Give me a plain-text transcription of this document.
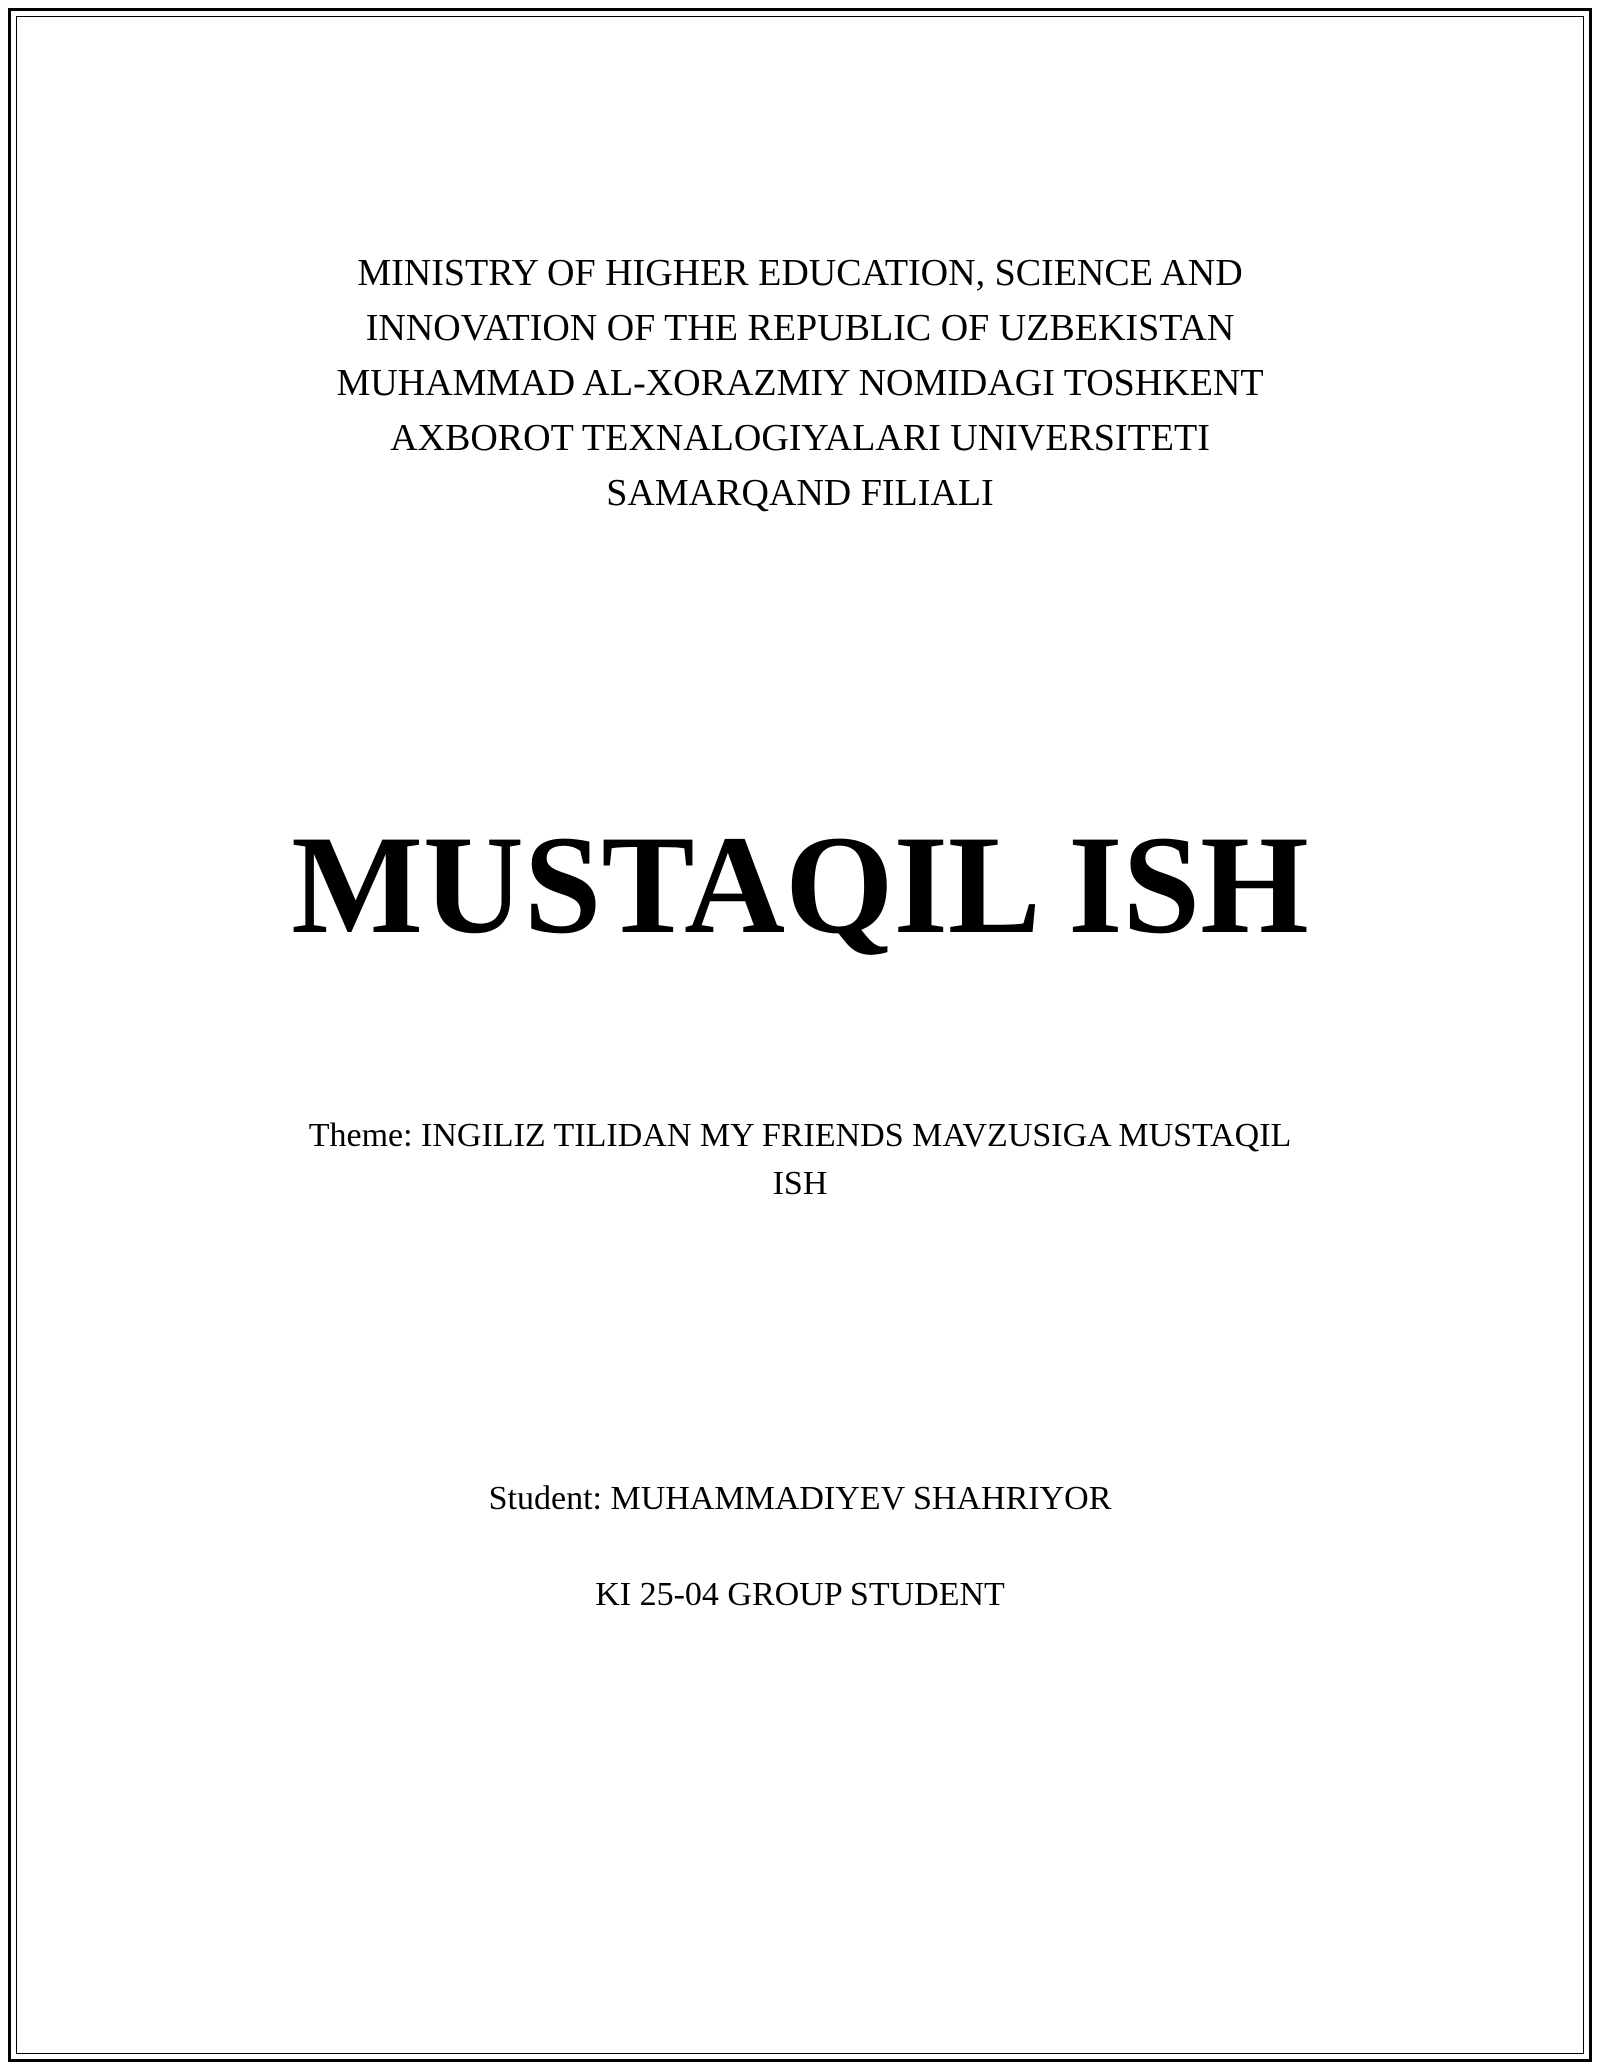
MINISTRY OF HIGHER EDUCATION, SCIENCE AND
INNOVATION OF THE REPUBLIC OF UZBEKISTAN
MUHAMMAD AL-XORAZMIY NOMIDAGI TOSHKENT
AXBOROT TEXNALOGIYALARI UNIVERSITETI
SAMARQAND FILIALI
MUSTAQIL ISH
Theme: INGILIZ TILIDAN MY FRIENDS MAVZUSIGA MUSTAQIL
ISH
Student: MUHAMMADIYEV SHAHRIYOR
KI 25-04 GROUP STUDENT
